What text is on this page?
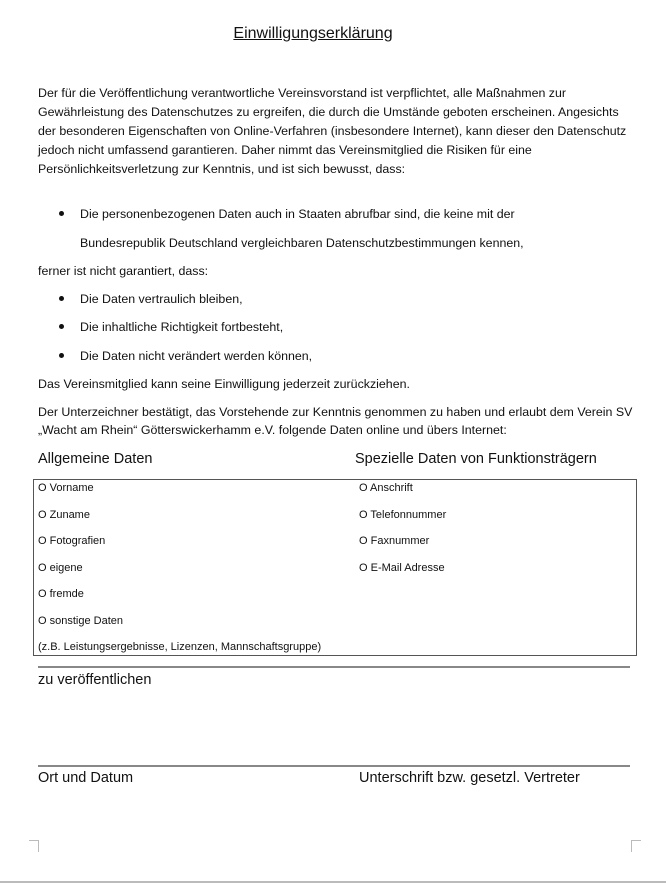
Einwilligungserklärung
Der für die Veröffentlichung verantwortliche Vereinsvorstand ist verpflichtet, alle Maßnahmen zur
Gewährleistung des Datenschutzes zu ergreifen, die durch die Umstände geboten erscheinen. Angesichts
der besonderen Eigenschaften von Online-Verfahren (insbesondere Internet), kann dieser den Datenschutz
jedoch nicht umfassend garantieren. Daher nimmt das Vereinsmitglied die Risiken für eine
Persönlichkeitsverletzung zur Kenntnis, und ist sich bewusst, dass:
Die personenbezogenen Daten auch in Staaten abrufbar sind, die keine mit der
Bundesrepublik Deutschland vergleichbaren Datenschutzbestimmungen kennen,
ferner ist nicht garantiert, dass:
Die Daten vertraulich bleiben,
Die inhaltliche Richtigkeit fortbesteht,
Die Daten nicht verändert werden können,
Das Vereinsmitglied kann seine Einwilligung jederzeit zurückziehen.
Der Unterzeichner bestätigt, das Vorstehende zur Kenntnis genommen zu haben und erlaubt dem Verein SV
„Wacht am Rhein“ Götterswickerhamm e.V. folgende Daten online und übers Internet:
Allgemeine Daten	Spezielle Daten von Funktionsträgern
O Vorname
O Zuname
O Fotografien
O eigene
O fremde
O sonstige Daten
(z.B. Leistungsergebnisse, Lizenzen, Mannschaftsgruppe)
O Anschrift
O Telefonnummer
O Faxnummer
O E-Mail Adresse
zu veröffentlichen
Ort und Datum	Unterschrift bzw. gesetzl. Vertreter
